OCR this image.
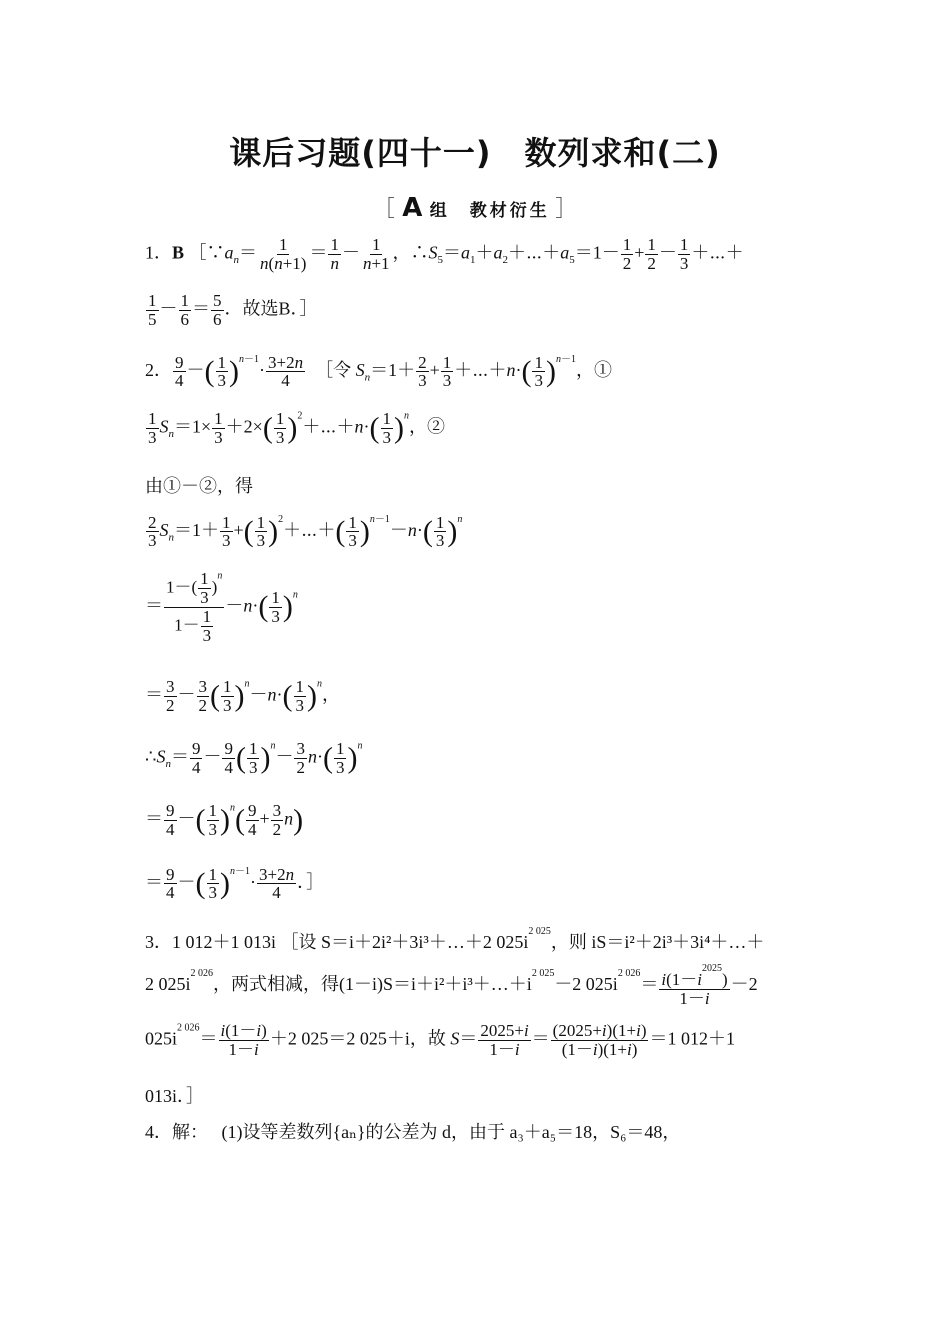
课后习题(四十一)　数列求和(二)
［ A 组　教材衍生 ］
1．B $[\because a_n= \frac{1}{n(n+1)} = \frac{1}{n} - \frac{1}{n+1}$ ，$\therefore S_5=a_1+a_2+\cdots+a_5=1- \frac{1}{2} + \frac{1}{2} - \frac{1}{3}$ ＋⋯＋
$\frac{1}{5} - \frac{1}{6} = \frac{5}{6}$ ．故选B．］
2． $\frac{9}{4}$ －( $\frac{1}{3} )^{n-1}\cdot \frac{3+2n}{4}$ ［令 $S_n=1+ \frac{2}{3} + \frac{1}{3}$ ＋⋯＋n·( $\frac{1}{3} )^{n-1}$，①
$\frac{1}{3} S_n=1\times \frac{1}{3} +2\times( \frac{1}{3}$ )$^2+\cdots+n\cdot( \frac{1}{3} )^n$，②
由①－②，得
$\frac{2}{3} S_n=1+ \frac{1}{3}$ +( $\frac{1}{3}$ )$^2$＋⋯＋( $\frac{1}{3} )^{n-1}-n\cdot( \frac{1}{3} )^n$
＝ $\frac{1-( \frac{1}{3} )^n}{1- \frac{1}{3}} -n\cdot( \frac{1}{3} )^n$
＝ $\frac{3}{2} - \frac{3}{2}$ ( $\frac{1}{3} )^n-n\cdot( \frac{1}{3} )^n$，
$\therefore S_n= \frac{9}{4} - \frac{9}{4}$ ( $\frac{1}{3} )^n- \frac{3}{2} n\cdot( \frac{1}{3} )^n$
＝ $\frac{9}{4}$ －( $\frac{1}{3} )^n( \frac{9}{4} + \frac{3}{2} n)$
＝ $\frac{9}{4}$ －( $\frac{1}{3} )^{n-1}\cdot \frac{3+2n}{4}$ ．］
3．1 012＋1 013i ［设 S＝i＋2i²＋3i³＋…＋2 $025i^{2 025}$，则 iS＝i²＋2i³＋3i⁴＋…＋
2 $025i^{2 026}$，两式相减，得$(1-i)S=i+i^2+i^3+\dots+i^{2 025}-2$ $025i^{2 026}= \frac{i(1-i^{2025})}{1-i} -2$
$025i^{2 026}= \frac{i(1-i)}{1-i} +2$ 025＝2 025＋i，故 $S= \frac{2025+i}{1-i} = \frac{(2025+i)(1+i)}{(1-i)(1+i)} =1$ 012＋1
013i．］
4．解： (1)设等差数列{aₙ}的公差为 d，由于 a₃＋a₅＝18，S₆＝48，
